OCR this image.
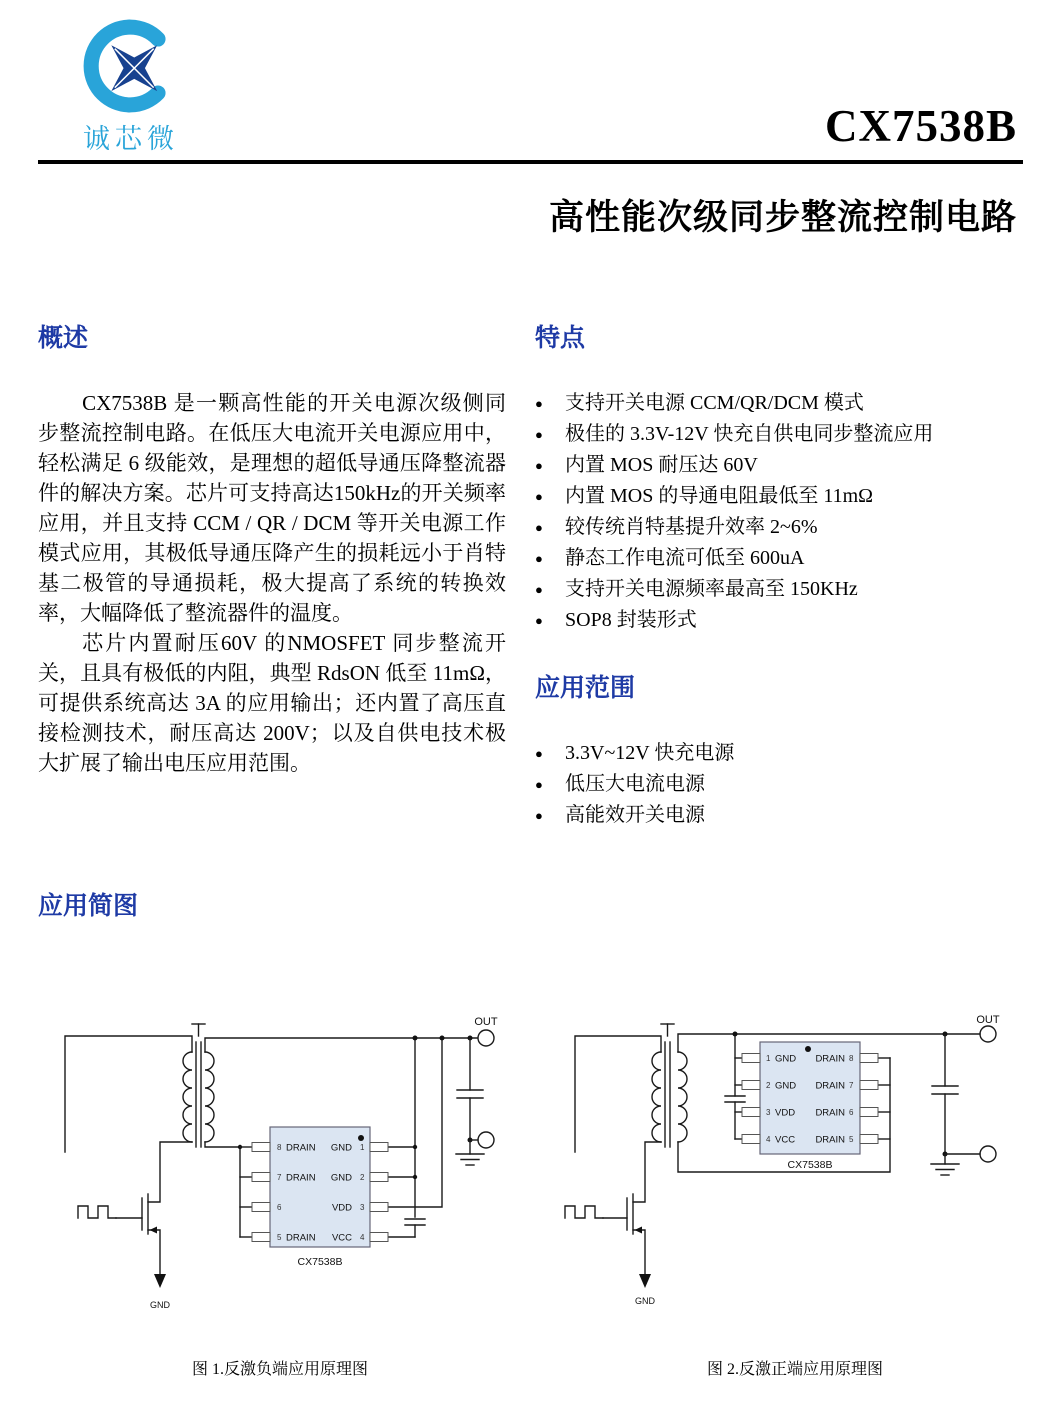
诚芯微	CX7538B
高性能次级同步整流控制电路
概述

CX7538B 是一颗高性能的开关电源次级侧同步整流控制电路。在低压大电流开关电源应用中，轻松满足 6 级能效，是理想的超低导通压降整流器件的解决方案。芯片可支持高达150kHz的开关频率应用，并且支持 CCM / QR / DCM 等开关电源工作模式应用，其极低导通压降产生的损耗远小于肖特基二极管的导通损耗，极大提高了系统的转换效率，大幅降低了整流器件的温度。

芯片内置耐压60V 的NMOSFET 同步整流开关，且具有极低的内阻，典型 RdsON 低至 11mΩ，可提供系统高达 3A 的应用输出；还内置了高压直接检测技术，耐压高达 200V；以及自供电技术极大扩展了输出电压应用范围。

特点
●
支持开关电源 CCM/QR/DCM 模式
●
极佳的 3.3V-12V 快充自供电同步整流应用
●
内置 MOS 耐压达 60V
●
内置 MOS 的导通电阻最低至 11mΩ
●
较传统肖特基提升效率 2~6%
●
静态工作电流可低至 600uA
●
支持开关电源频率最高至 150KHz
●
SOP8 封装形式
应用范围
●
3.3V~12V 快充电源
●
低压大电流电源
●
高能效开关电源
应用简图
GND
OUT
8 DRAIN
7 DRAIN
6
5 DRAIN
GND 1
GND 2
VDD 3
VCC 4
CX7538B
GND
OUT
1 GND
2 GND
3 VDD
4 VCC
DRAIN 8
DRAIN 7
DRAIN 6
DRAIN 5
CX7538B
图 1.反激负端应用原理图	图 2.反激正端应用原理图
